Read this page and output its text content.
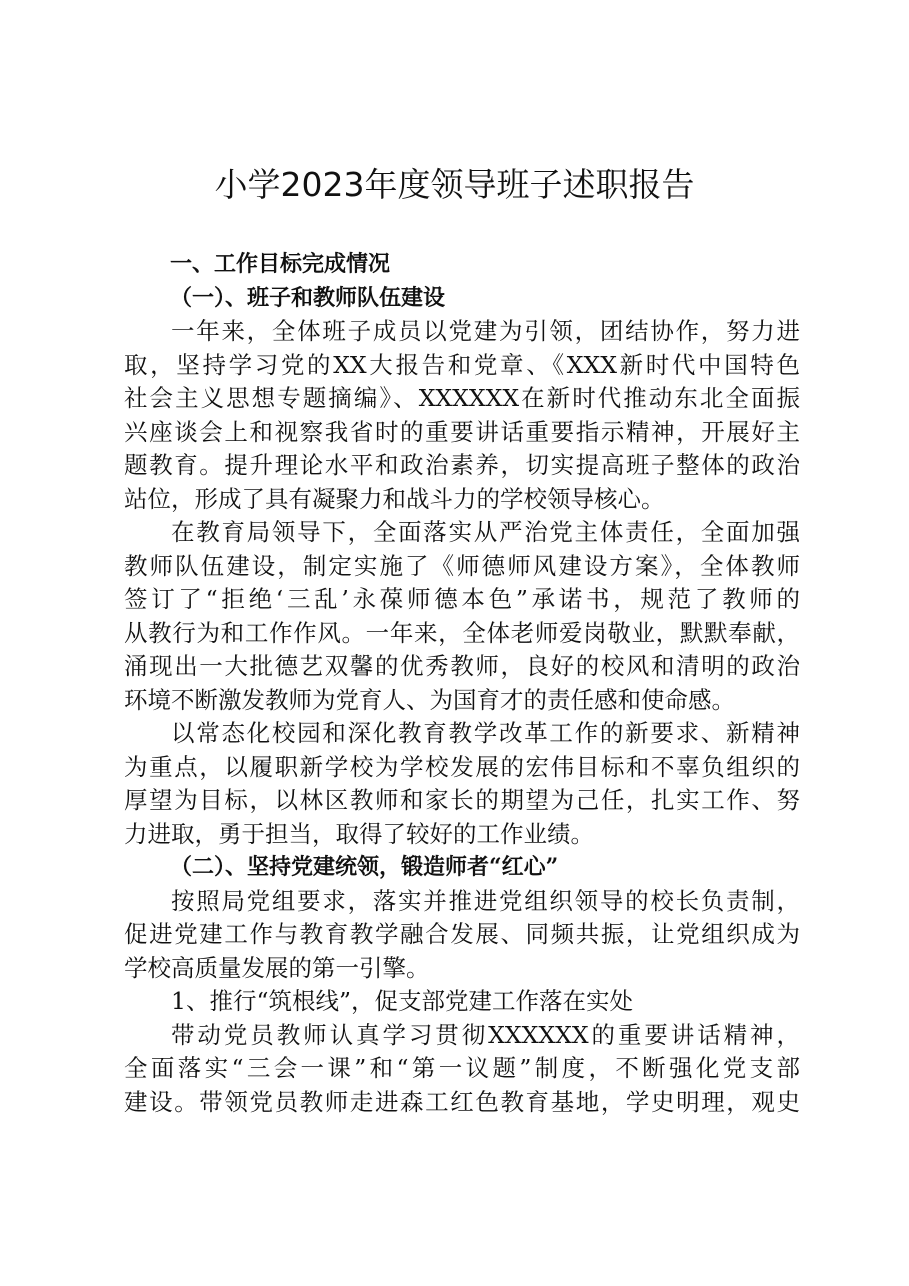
小学2023年度领导班子述职报告
一、工作目标完成情况
（一）、班子和教师队伍建设
一年来，全体班子成员以党建为引领，团结协作，努力进
取，坚持学习党的XX大报告和党章、《XXX新时代中国特色
社会主义思想专题摘编》、XXXXXX在新时代推动东北全面振
兴座谈会上和视察我省时的重要讲话重要指示精神，开展好主
题教育。提升理论水平和政治素养，切实提高班子整体的政治
站位，形成了具有凝聚力和战斗力的学校领导核心。
在教育局领导下，全面落实从严治党主体责任，全面加强
教师队伍建设，制定实施了《师德师风建设方案》，全体教师
签订了“拒绝‘三乱’永葆师德本色”承诺书，规范了教师的
从教行为和工作作风。一年来，全体老师爱岗敬业，默默奉献，
涌现出一大批德艺双馨的优秀教师，良好的校风和清明的政治
环境不断激发教师为党育人、为国育才的责任感和使命感。
以常态化校园和深化教育教学改革工作的新要求、新精神
为重点，以履职新学校为学校发展的宏伟目标和不辜负组织的
厚望为目标，以林区教师和家长的期望为己任，扎实工作、努
力进取，勇于担当，取得了较好的工作业绩。
（二）、坚持党建统领，锻造师者“红心”
按照局党组要求，落实并推进党组织领导的校长负责制，
促进党建工作与教育教学融合发展、同频共振，让党组织成为
学校高质量发展的第一引擎。
1、推行“筑根线”，促支部党建工作落在实处
带动党员教师认真学习贯彻XXXXXX的重要讲话精神，
全面落实“三会一课”和“第一议题”制度，不断强化党支部
建设。带领党员教师走进森工红色教育基地，学史明理，观史
